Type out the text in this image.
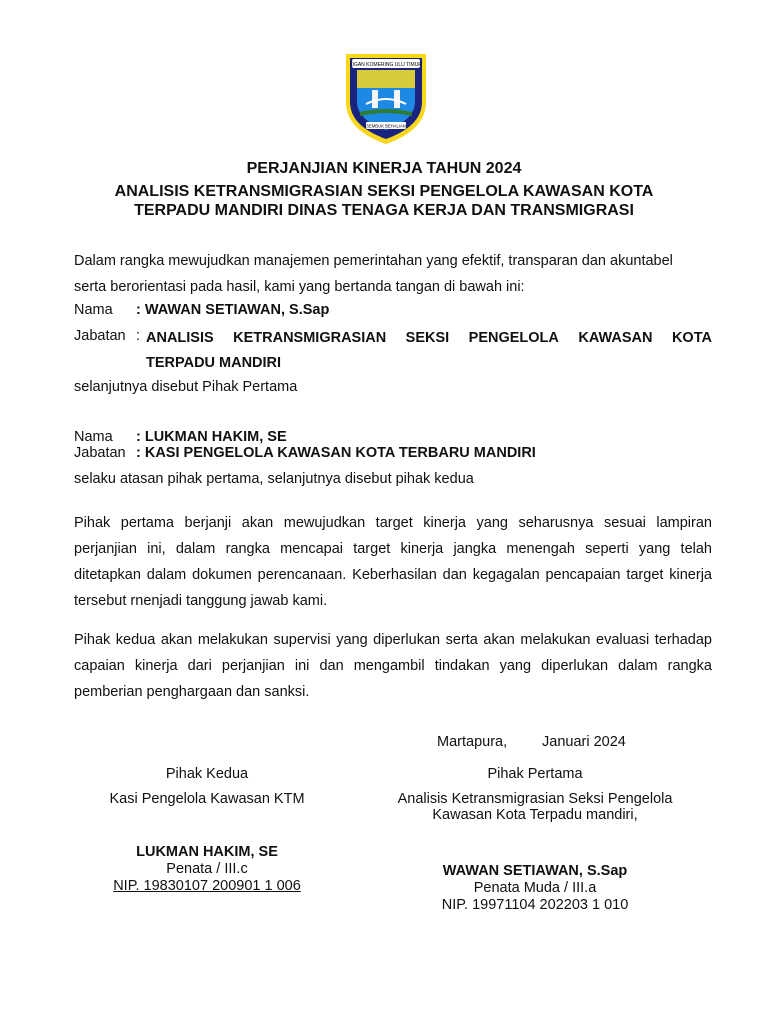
OGAN KOMERING ULU TIMUR
SEMBUK BEHALIAN
PERJANJIAN KINERJA TAHUN 2024
ANALISIS KETRANSMIGRASIAN SEKSI PENGELOLA KAWASAN KOTA
TERPADU MANDIRI DINAS TENAGA KERJA DAN TRANSMIGRASI
Dalam rangka mewujudkan manajemen pemerintahan yang efektif, transparan dan akuntabel
serta berorientasi pada hasil, kami yang bertanda tangan di bawah ini:
Nama : WAWAN SETIAWAN, S.Sap
Jabatan : ANALISIS KETRANSMIGRASIAN SEKSI PENGELOLA KAWASAN KOTA
TERPADU MANDIRI
selanjutnya disebut Pihak Pertama
Nama : LUKMAN HAKIM, SE
Jabatan : KASI PENGELOLA KAWASAN KOTA TERBARU MANDIRI
selaku atasan pihak pertama, selanjutnya disebut pihak kedua
Pihak pertama berjanji akan mewujudkan target kinerja yang seharusnya sesuai lampiran perjanjian ini, dalam rangka mencapai target kinerja jangka menengah seperti yang telah ditetapkan dalam dokumen perencanaan. Keberhasilan dan kegagalan pencapaian target kinerja tersebut rnenjadi tanggung jawab kami.
Pihak kedua akan melakukan supervisi yang diperlukan serta akan melakukan evaluasi terhadap capaian kinerja dari perjanjian ini dan mengambil tindakan yang diperlukan dalam rangka pemberian penghargaan dan sanksi.
Martapura, Januari 2024
Pihak Kedua
Kasi Pengelola Kawasan KTM
LUKMAN HAKIM, SE
Penata / III.c
NIP. 19830107 200901 1 006
Pihak Pertama
Analisis Ketransmigrasian Seksi Pengelola
Kawasan Kota Terpadu mandiri,
WAWAN SETIAWAN, S.Sap
Penata Muda / III.a
NIP. 19971104 202203 1 010
